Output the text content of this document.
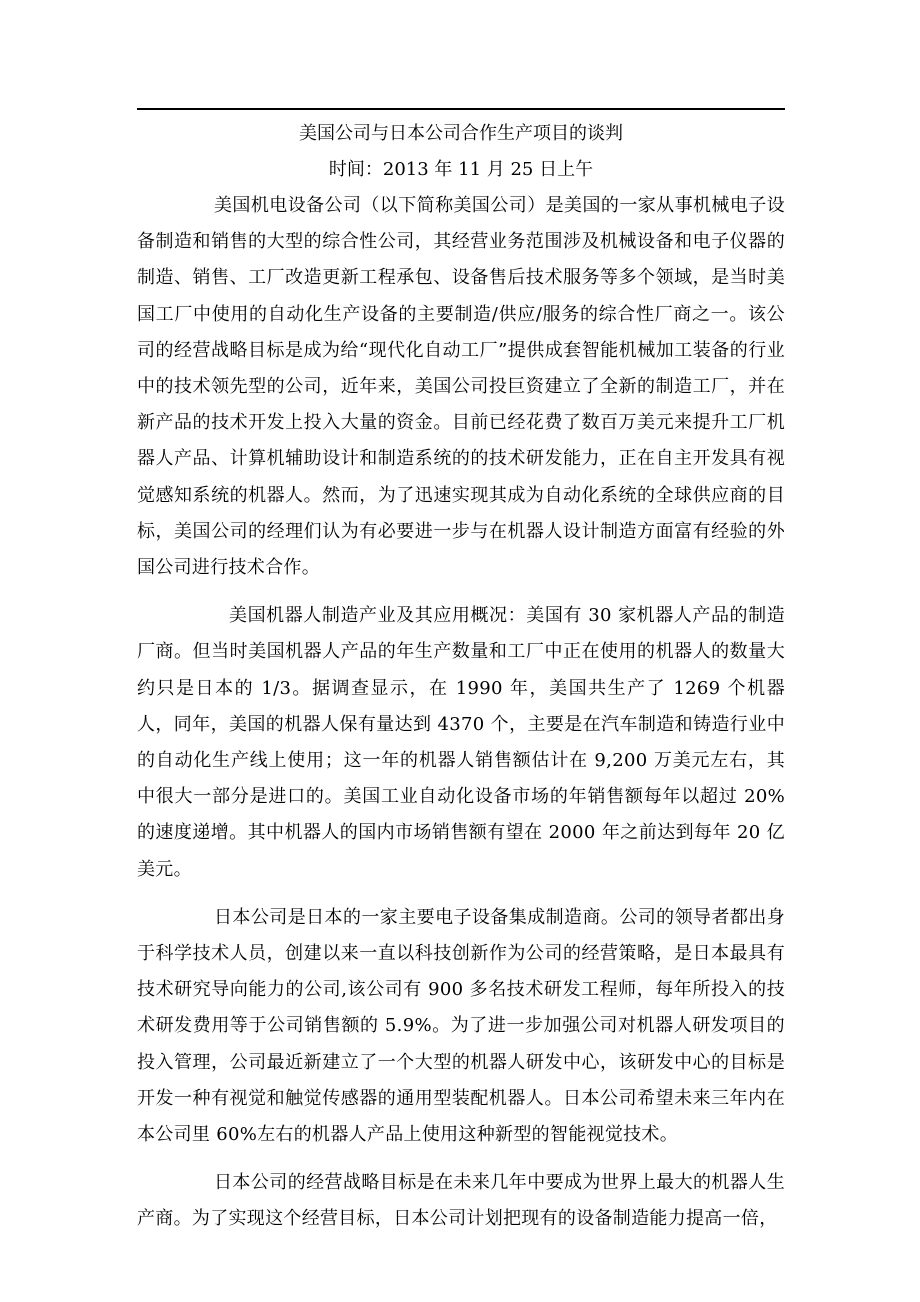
美国公司与日本公司合作生产项目的谈判

时间：2013 年 11 月 25 日上午

美国机电设备公司（以下简称美国公司）是美国的一家从事机械电子设备制造和销售的大型的综合性公司，其经营业务范围涉及机械设备和电子仪器的制造、销售、工厂改造更新工程承包、设备售后技术服务等多个领域，是当时美国工厂中使用的自动化生产设备的主要制造/供应/服务的综合性厂商之一。该公司的经营战略目标是成为给“现代化自动工厂”提供成套智能机械加工装备的行业中的技术领先型的公司，近年来，美国公司投巨资建立了全新的制造工厂，并在新产品的技术开发上投入大量的资金。目前已经花费了数百万美元来提升工厂机器人产品、计算机辅助设计和制造系统的的技术研发能力，正在自主开发具有视觉感知系统的机器人。然而，为了迅速实现其成为自动化系统的全球供应商的目标，美国公司的经理们认为有必要进一步与在机器人设计制造方面富有经验的外国公司进行技术合作。

美国机器人制造产业及其应用概况：美国有 30 家机器人产品的制造厂商。但当时美国机器人产品的年生产数量和工厂中正在使用的机器人的数量大约只是日本的 1/3。据调查显示，在 1990 年，美国共生产了 1269 个机器人，同年，美国的机器人保有量达到 4370 个，主要是在汽车制造和铸造行业中的自动化生产线上使用；这一年的机器人销售额估计在 9,200 万美元左右，其中很大一部分是进口的。美国工业自动化设备市场的年销售额每年以超过 20%的速度递增。其中机器人的国内市场销售额有望在 2000 年之前达到每年 20 亿美元。

日本公司是日本的一家主要电子设备集成制造商。公司的领导者都出身于科学技术人员，创建以来一直以科技创新作为公司的经营策略，是日本最具有技术研究导向能力的公司,该公司有 900 多名技术研发工程师，每年所投入的技术研发费用等于公司销售额的 5.9%。为了进一步加强公司对机器人研发项目的投入管理，公司最近新建立了一个大型的机器人研发中心，该研发中心的目标是开发一种有视觉和触觉传感器的通用型装配机器人。日本公司希望未来三年内在本公司里 60%左右的机器人产品上使用这种新型的智能视觉技术。

日本公司的经营战略目标是在未来几年中要成为世界上最大的机器人生产商。为了实现这个经营目标，日本公司计划把现有的设备制造能力提高一倍，
